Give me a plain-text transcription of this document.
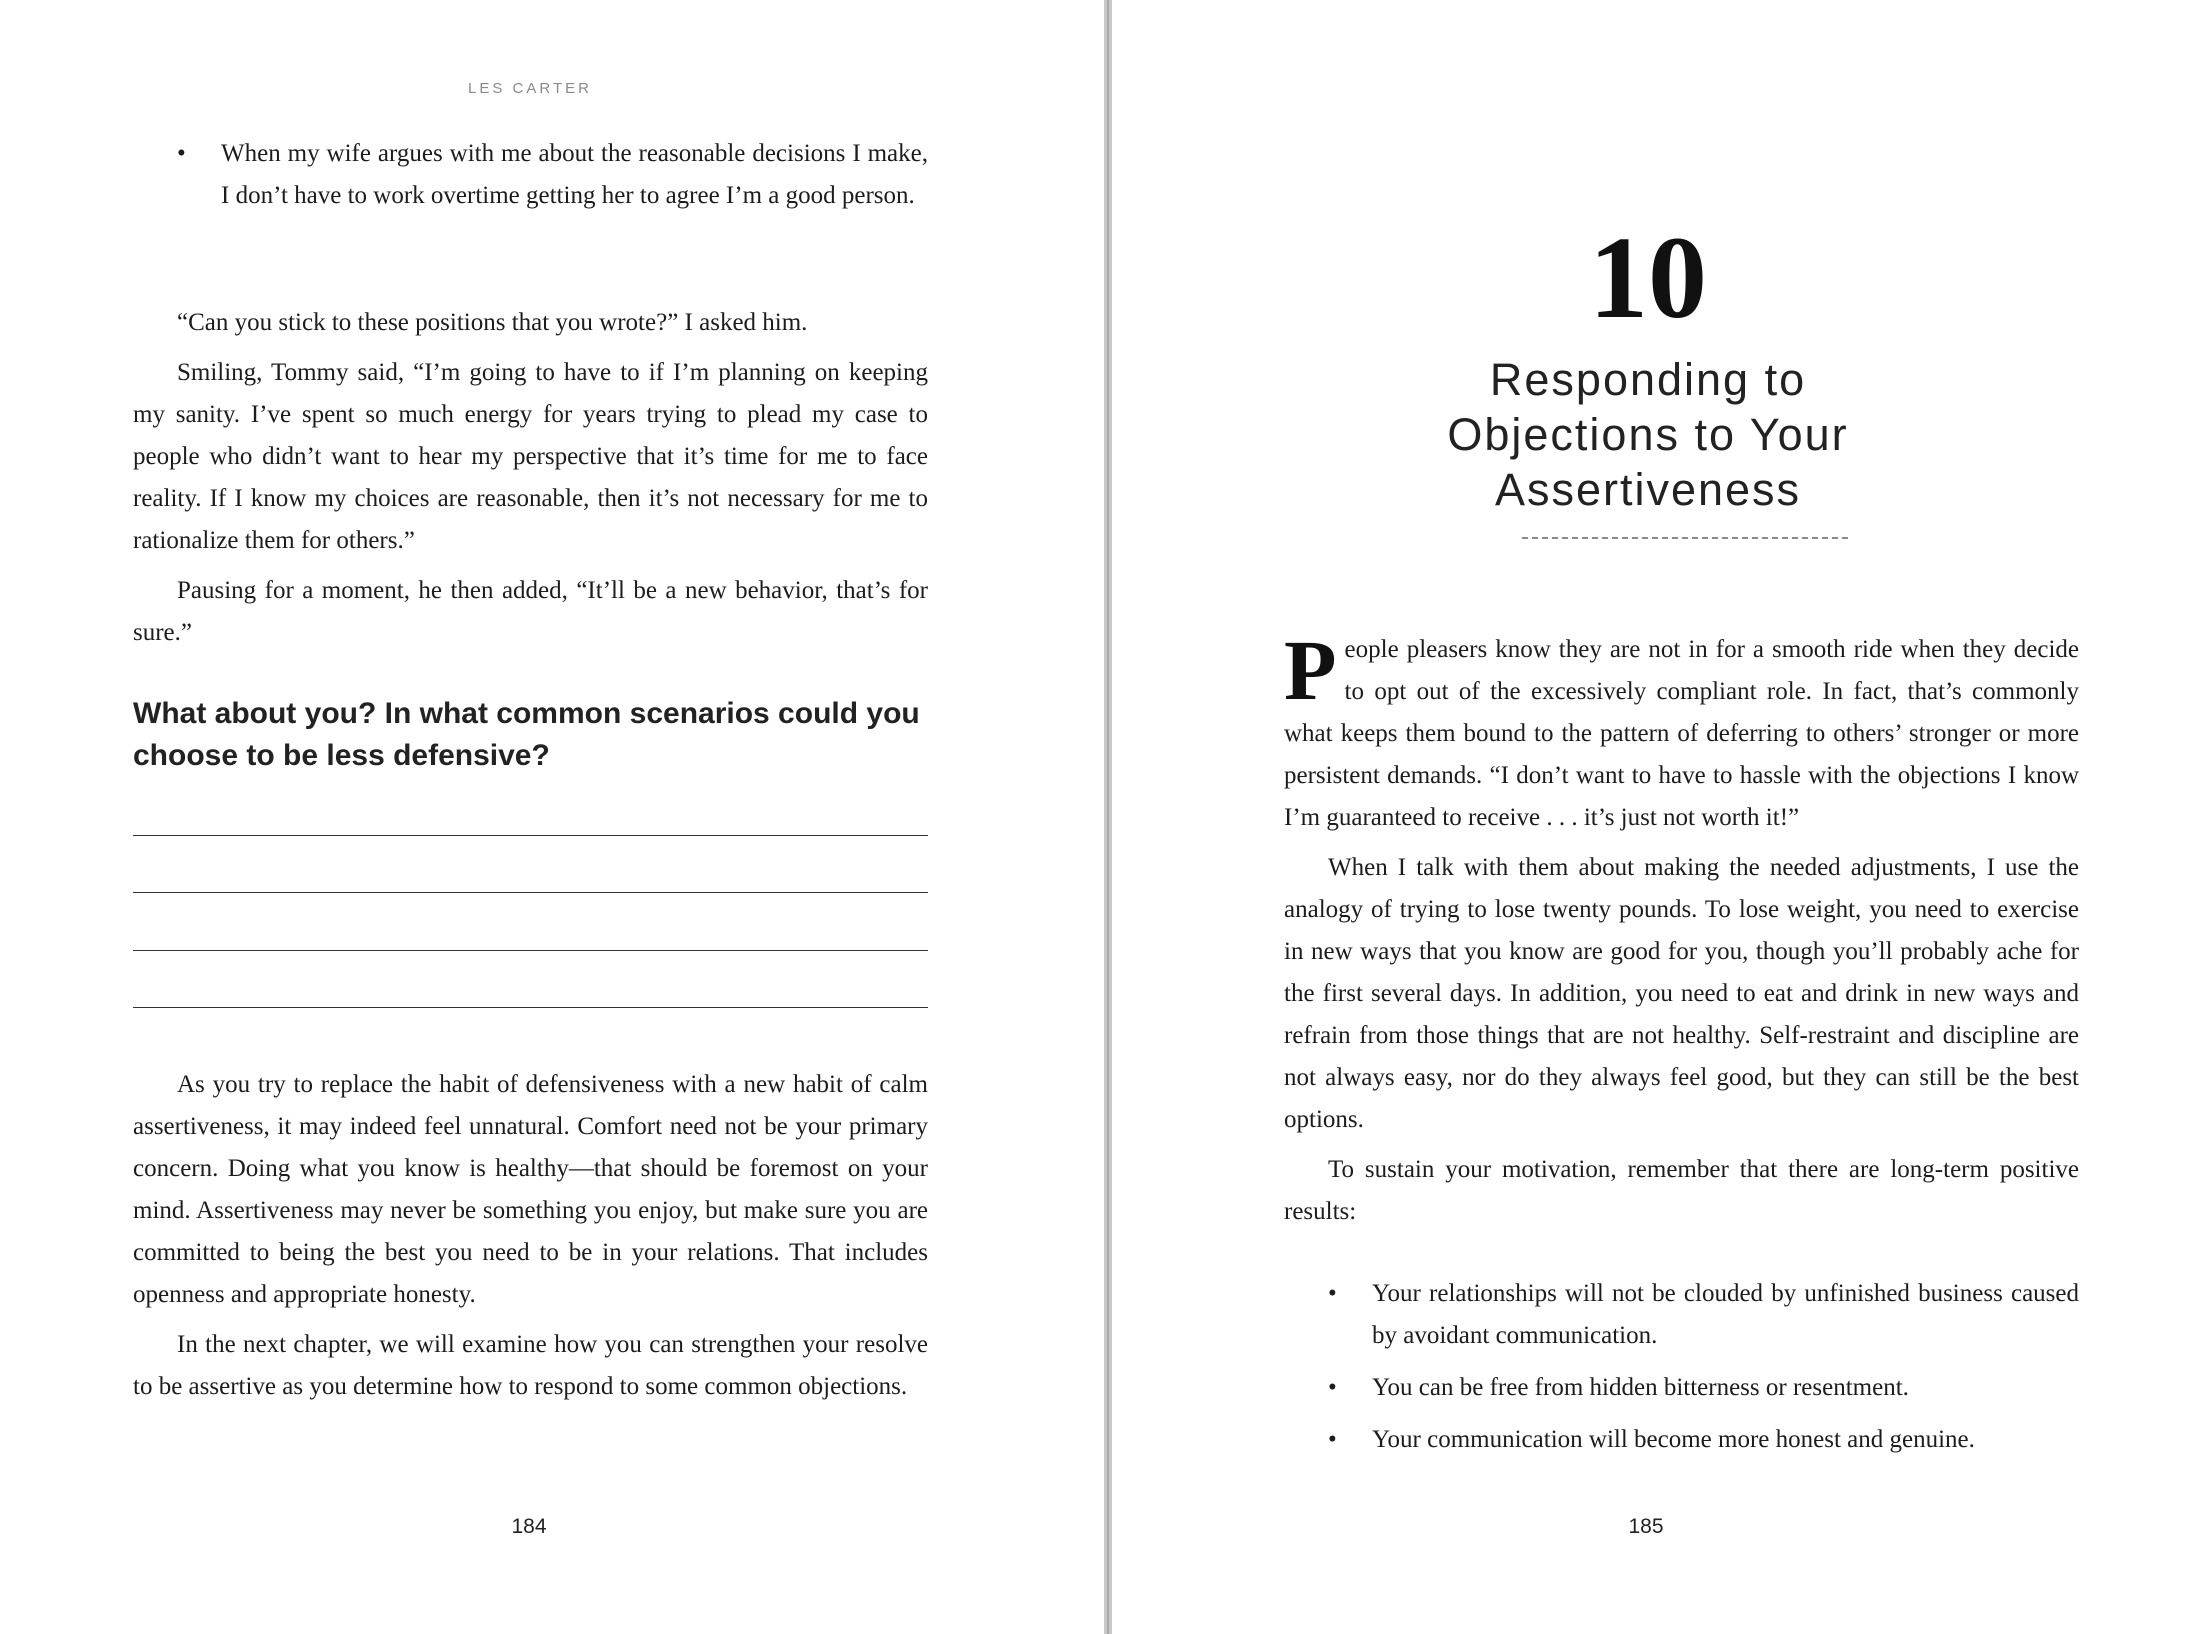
LES CARTER
• When my wife argues with me about the reasonable decisions I make, I don’t have to work overtime getting her to agree I’m a good person.

“Can you stick to these positions that you wrote?” I asked him.

Smiling, Tommy said, “I’m going to have to if I’m planning on keeping my sanity. I’ve spent so much energy for years trying to plead my case to people who didn’t want to hear my perspective that it’s time for me to face reality. If I know my choices are reasonable, then it’s not necessary for me to rationalize them for others.”

Pausing for a moment, he then added, “It’ll be a new behavior, that’s for sure.”

What about you? In what common scenarios could you choose to be less defensive?

As you try to replace the habit of defensiveness with a new habit of calm assertiveness, it may indeed feel unnatural. Comfort need not be your primary concern. Doing what you know is healthy—that should be foremost on your mind. Assertiveness may never be something you enjoy, but make sure you are committed to being the best you need to be in your relations. That includes openness and appropriate honesty.

In the next chapter, we will examine how you can strengthen your resolve to be assertive as you determine how to respond to some common objections.

184
10
Responding to
Objections to Your
Assertiveness

People pleasers know they are not in for a smooth ride when they decide to opt out of the excessively compliant role. In fact, that’s commonly what keeps them bound to the pattern of deferring to others’ stronger or more persistent demands. “I don’t want to have to hassle with the objections I know I’m guaranteed to receive . . . it’s just not worth it!”

When I talk with them about making the needed adjustments, I use the analogy of trying to lose twenty pounds. To lose weight, you need to exercise in new ways that you know are good for you, though you’ll probably ache for the first several days. In addition, you need to eat and drink in new ways and refrain from those things that are not healthy. Self-restraint and discipline are not always easy, nor do they always feel good, but they can still be the best options.

To sustain your motivation, remember that there are long-term positive results:

• Your relationships will not be clouded by unfinished business caused by avoidant communication.
• You can be free from hidden bitterness or resentment.
• Your communication will become more honest and genuine.
185
